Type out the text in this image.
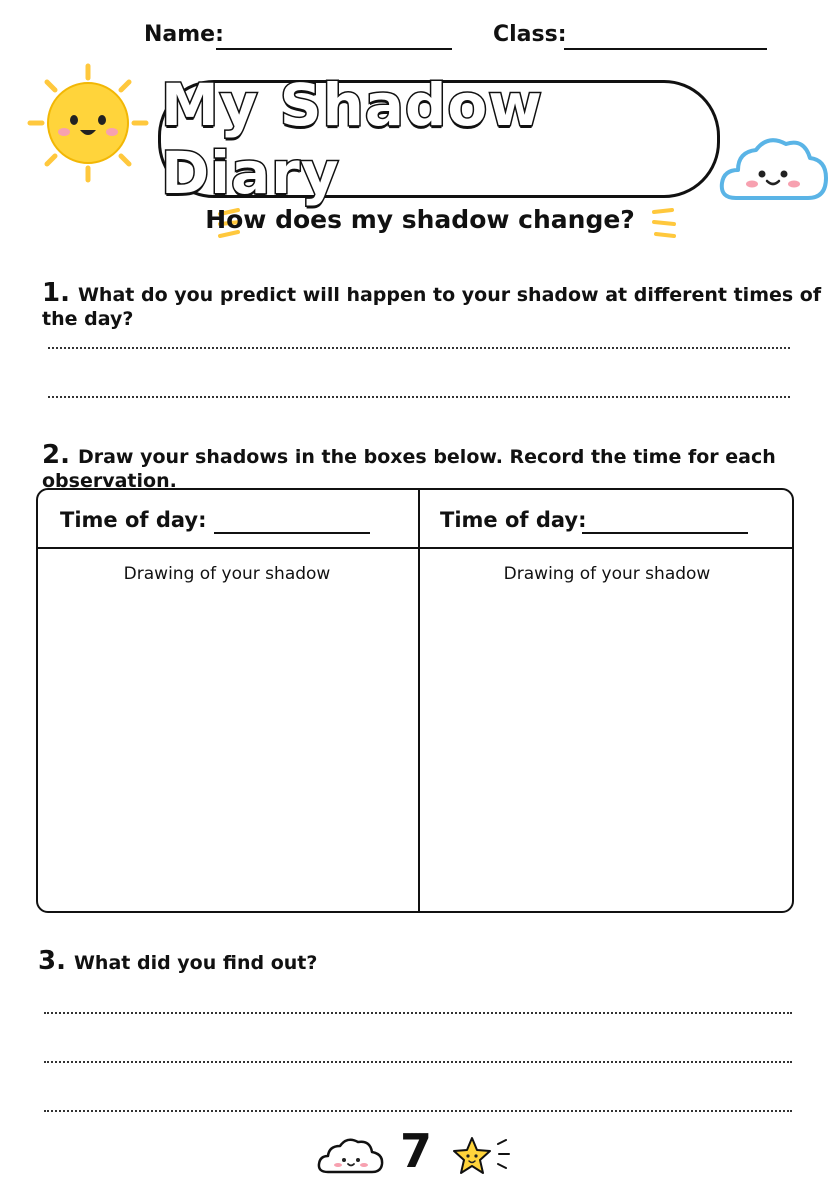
Name:	Class:
My Shadow Diary
How does my shadow change?
1. What do you predict will happen to your shadow at different times of the day?
2. Draw your shadows in the boxes below. Record the time for each observation.
Time of day:
Drawing of your shadow
Time of day:
Drawing of your shadow
3. What did you find out?
7
